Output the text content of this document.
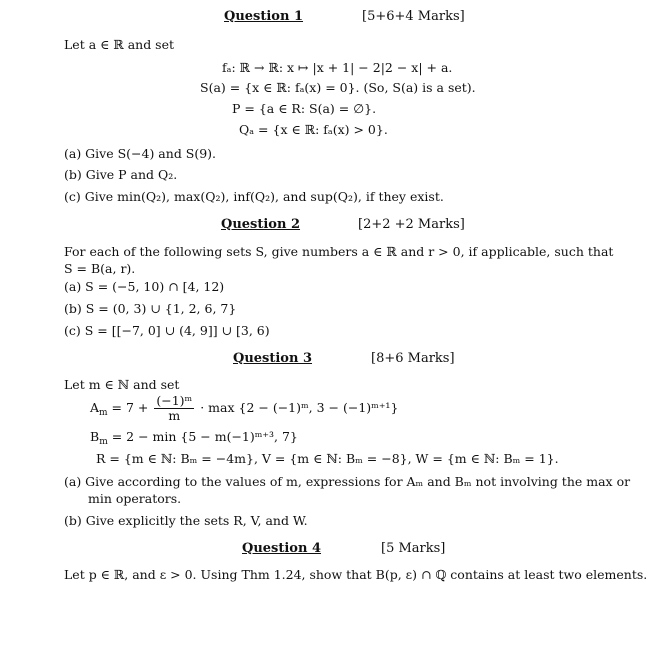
Question 1	[5+6+4 Marks]
Let a ∈ ℝ and set
fₐ: ℝ → ℝ: x ↦ |x + 1| − 2|2 − x| + a.
S(a) = {x ∈ ℝ: fₐ(x) = 0}. (So, S(a) is a set).
P = {a ∈ R: S(a) = ∅}.
Qₐ = {x ∈ ℝ: fₐ(x) > 0}.
(a) Give S(−4) and S(9).
(b) Give P and Q₂.
(c) Give min(Q₂), max(Q₂), inf(Q₂), and sup(Q₂), if they exist.
Question 2	[2+2 +2 Marks]
For each of the following sets S, give numbers a ∈ ℝ and r > 0, if applicable, such that
S = B(a, r).
(a) S = (−5, 10) ∩ [4, 12)
(b) S = (0, 3) ∪ {1, 2, 6, 7}
(c) S = [[−7, 0] ∪ (4, 9]] ∪ [3, 6)
Question 3	[8+6 Marks]
Let m ∈ ℕ and set
$A_m = 7 + \frac{\text{(−1)ᵐ}}{m} \cdot \max \{2$ − (−1)ᵐ, 3 − (−1)ᵐ⁺¹}
$B_m = 2 - \min \{5$ − m(−1)ᵐ⁺³, 7}
R = {m ∈ ℕ: Bₘ = −4m}, V = {m ∈ ℕ: Bₘ = −8}, W = {m ∈ ℕ: Bₘ = 1}.
(a) Give according to the values of m, expressions for Aₘ and Bₘ not involving the max or
min operators.
(b) Give explicitly the sets R, V, and W.
Question 4	[5 Marks]
Let p ∈ ℝ, and ε > 0. Using Thm 1.24, show that B(p, ε) ∩ ℚ contains at least two elements.
